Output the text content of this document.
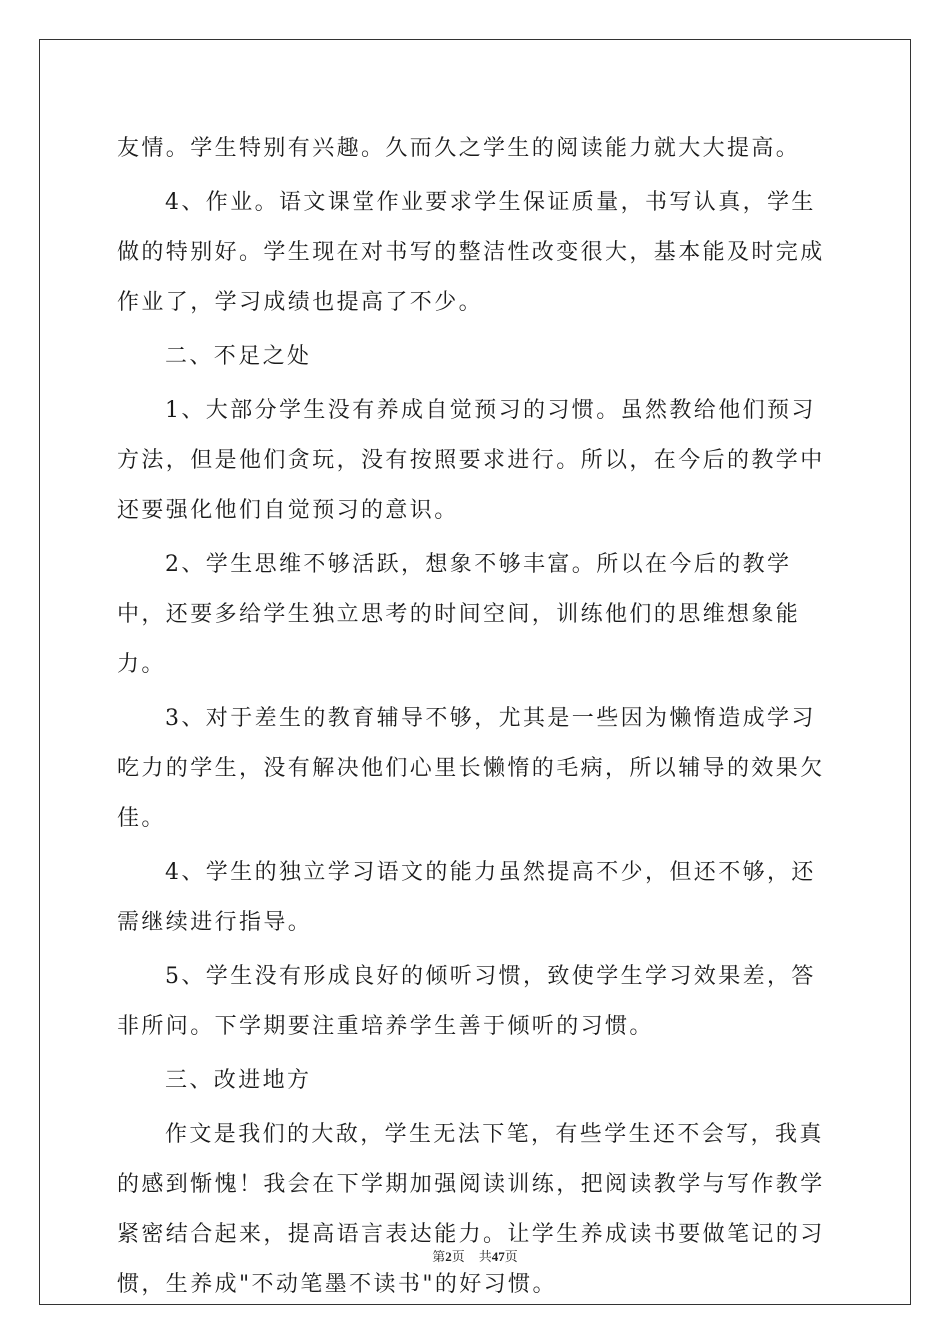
友情。学生特别有兴趣。久而久之学生的阅读能力就大大提高。

4、作业。语文课堂作业要求学生保证质量，书写认真，学生做的特别好。学生现在对书写的整洁性改变很大，基本能及时完成作业了，学习成绩也提高了不少。

二、不足之处

1、大部分学生没有养成自觉预习的习惯。虽然教给他们预习方法，但是他们贪玩，没有按照要求进行。所以，在今后的教学中还要强化他们自觉预习的意识。

2、学生思维不够活跃，想象不够丰富。所以在今后的教学中，还要多给学生独立思考的时间空间，训练他们的思维想象能力。

3、对于差生的教育辅导不够，尤其是一些因为懒惰造成学习吃力的学生，没有解决他们心里长懒惰的毛病，所以辅导的效果欠佳。

4、学生的独立学习语文的能力虽然提高不少，但还不够，还需继续进行指导。

5、学生没有形成良好的倾听习惯，致使学生学习效果差，答非所问。下学期要注重培养学生善于倾听的习惯。

三、改进地方

作文是我们的大敌，学生无法下笔，有些学生还不会写，我真的感到惭愧！我会在下学期加强阅读训练，把阅读教学与写作教学紧密结合起来，提高语言表达能力。让学生养成读书要做笔记的习惯，生养成"不动笔墨不读书"的好习惯。

第2页 共47页
